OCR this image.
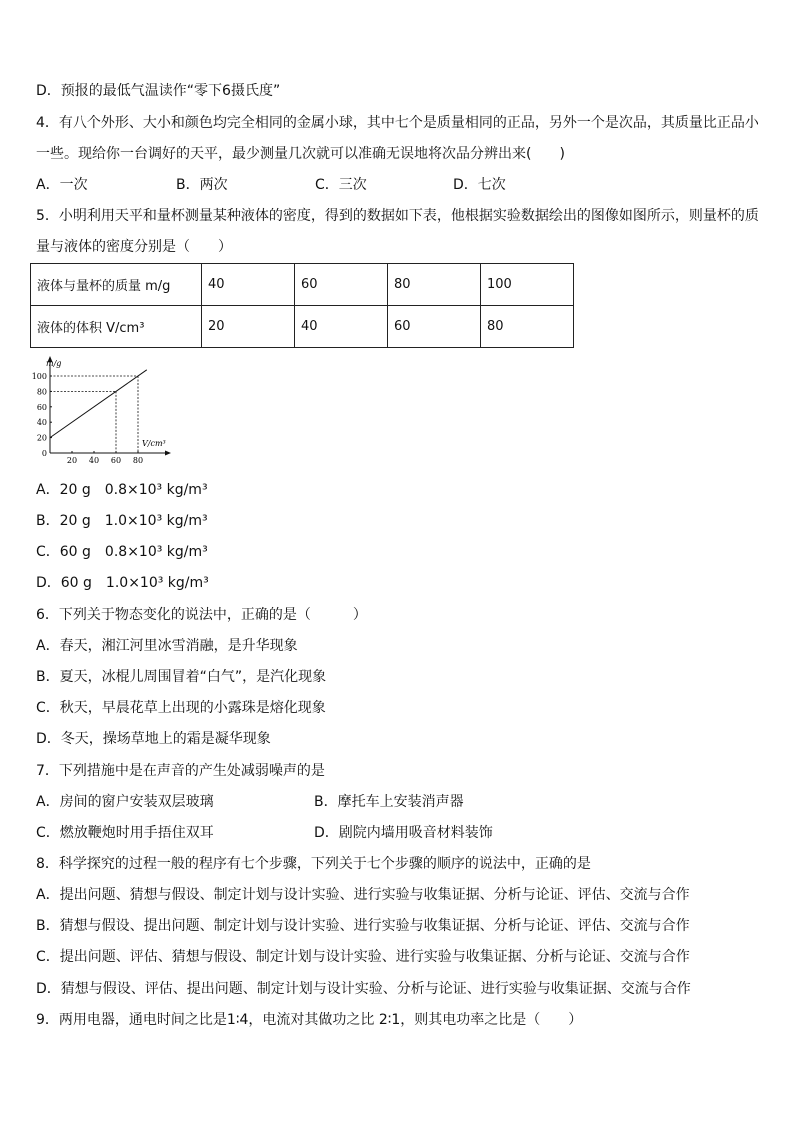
D．预报的最低气温读作“零下6摄氏度”
4．有八个外形、大小和颜色均完全相同的金属小球，其中七个是质量相同的正品，另外一个是次品，其质量比正品小
一些。现给你一台调好的天平，最少测量几次就可以准确无误地将次品分辨出来(　　)
A．一次	B．两次	C．三次	D．七次
5．小明利用天平和量杯测量某种液体的密度，得到的数据如下表，他根据实验数据绘出的图像如图所示，则量杯的质
量与液体的密度分别是（　　）
液体与量杯的质量 m/g	40	60	80	100
液体的体积 V/cm³	20	40	60	80
100
80
60
40
20
0
20 40 60 80
m/g
V/cm³
A．20 g　0.8×10³ kg/m³
B．20 g　1.0×10³ kg/m³
C．60 g　0.8×10³ kg/m³
D．60 g　1.0×10³ kg/m³
6．下列关于物态变化的说法中，正确的是（　　　）
A．春天，湘江河里冰雪消融，是升华现象
B．夏天，冰棍儿周围冒着“白气”，是汽化现象
C．秋天，早晨花草上出现的小露珠是熔化现象
D．冬天，操场草地上的霜是凝华现象
7．下列措施中是在声音的产生处减弱噪声的是
A．房间的窗户安装双层玻璃	B．摩托车上安装消声器
C．燃放鞭炮时用手捂住双耳	D．剧院内墙用吸音材料装饰
8．科学探究的过程一般的程序有七个步骤，下列关于七个步骤的顺序的说法中，正确的是
A．提出问题、猜想与假设、制定计划与设计实验、进行实验与收集证据、分析与论证、评估、交流与合作
B．猜想与假设、提出问题、制定计划与设计实验、进行实验与收集证据、分析与论证、评估、交流与合作
C．提出问题、评估、猜想与假设、制定计划与设计实验、进行实验与收集证据、分析与论证、交流与合作
D．猜想与假设、评估、提出问题、制定计划与设计实验、分析与论证、进行实验与收集证据、交流与合作
9．两用电器，通电时间之比是1∶4，电流对其做功之比 2∶1，则其电功率之比是（　　）
